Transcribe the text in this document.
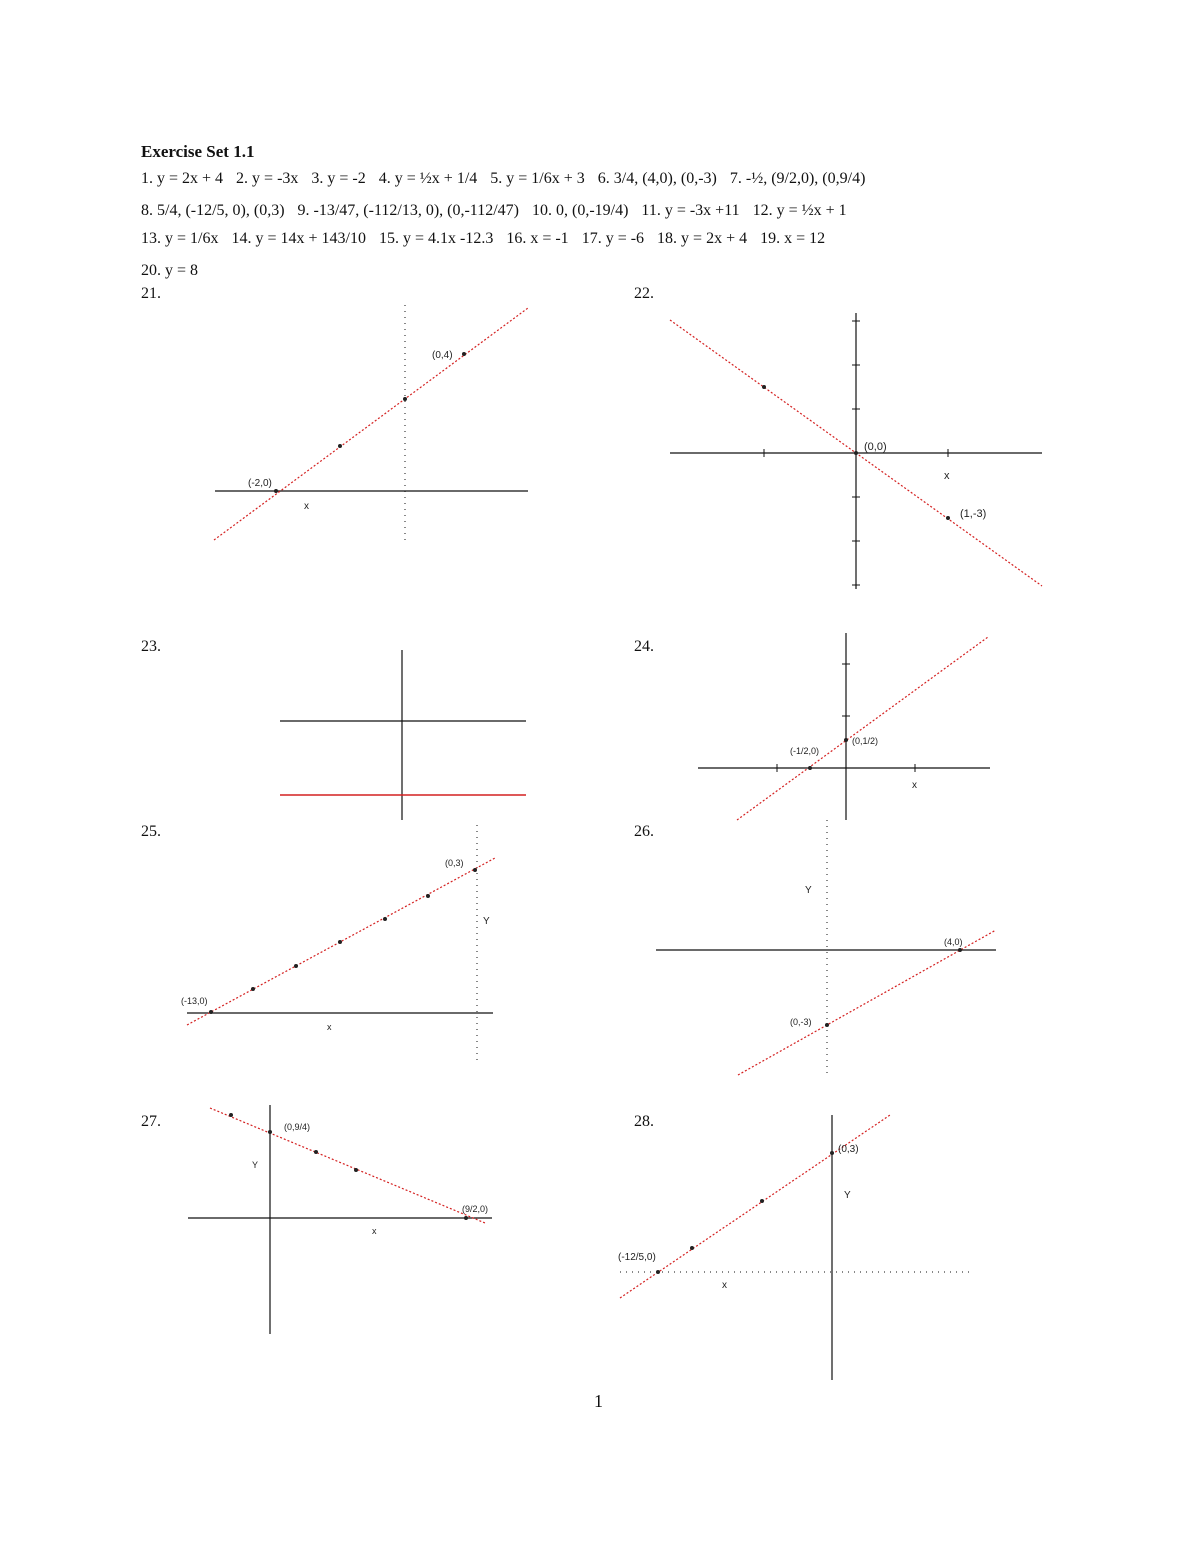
Exercise Set 1.1
1. y = 2x + 4 2. y = -3x 3. y = -2 4. y = ½x + 1/4 5. y = 1/6x + 3 6. 3/4, (4,0), (0,-3) 7. -½, (9/2,0), (0,9/4)
8. 5/4, (-12/5, 0), (0,3) 9. -13/47, (-112/13, 0), (0,-112/47) 10. 0, (0,-19/4) 11. y = -3x +11 12. y = ½x + 1
13. y = 1/6x 14. y = 14x + 143/10 15. y = 4.1x -12.3 16. x = -1 17. y = -6 18. y = 2x + 4 19. x = 12
20. y = 8
21.	22.
23.	24.
25.	26.
27.	28.
(0,4)
(-2,0)
x
(0,0)
(1,-3)
x
(0,1/2)
(-1/2,0)
x
(0,3)
(-13,0)
x
Y
(4,0)
(0,-3)
Y
(0,9/4)
(9/2,0)
x
Y
(0,3)
(-12/5,0)
x
Y
1
